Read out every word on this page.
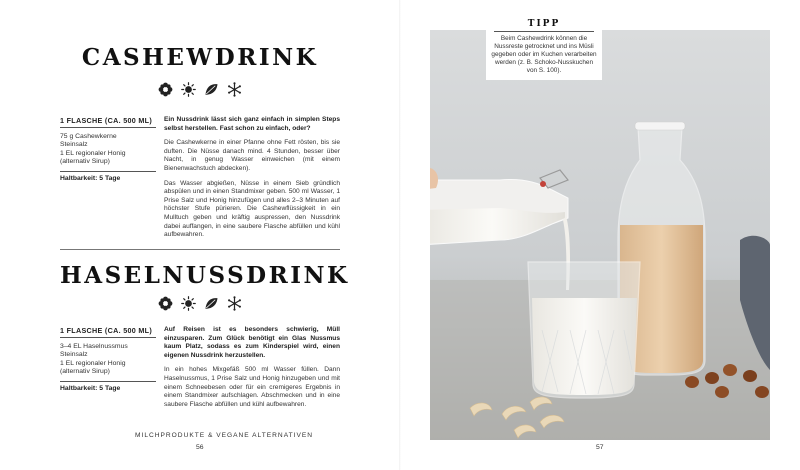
CASHEWDRINK
1 FLASCHE (CA. 500 ML)
75 g Cashewkerne
Steinsalz
1 EL regionaler Honig
(alternativ Sirup)
Haltbarkeit: 5 Tage

Ein Nussdrink lässt sich ganz einfach in simplen Steps selbst herstellen. Fast schon zu einfach, oder?

Die Cashewkerne in einer Pfanne ohne Fett rösten, bis sie duften. Die Nüsse danach mind. 4 Stunden, besser über Nacht, in genug Wasser einweichen (mit einem Bienenwachstuch abdecken).

Das Wasser abgießen, Nüsse in einem Sieb gründlich abspülen und in einen Standmixer geben. 500 ml Wasser, 1 Prise Salz und Honig hinzufügen und alles 2–3 Minuten auf höchster Stufe pürieren. Die Cashewflüssigkeit in ein Mulltuch geben und kräftig auspressen, den Nussdrink dabei auffangen, in eine saubere Flasche abfüllen und kühl aufbewahren.

HASELNUSSDRINK
1 FLASCHE (CA. 500 ML)
3–4 EL Haselnussmus
Steinsalz
1 EL regionaler Honig
(alternativ Sirup)
Haltbarkeit: 5 Tage

Auf Reisen ist es besonders schwierig, Müll einzusparen. Zum Glück benötigt ein Glas Nussmus kaum Platz, sodass es zum Kinderspiel wird, einen eigenen Nussdrink herzustellen.

In ein hohes Mixgefäß 500 ml Wasser füllen. Dann Haselnussmus, 1 Prise Salz und Honig hinzugeben und mit einem Schneebesen oder für ein cremigeres Ergebnis in einem Standmixer aufschlagen. Abschmecken und in eine saubere Flasche abfüllen und kühl aufbewahren.

MILCHPRODUKTE & VEGANE ALTERNATIVEN
56
TIPP
Beim Cashewdrink können die Nussreste getrocknet und ins Müsli gegeben oder im Kuchen verarbeiten werden (z. B. Schoko-Nusskuchen von S. 100).
57
